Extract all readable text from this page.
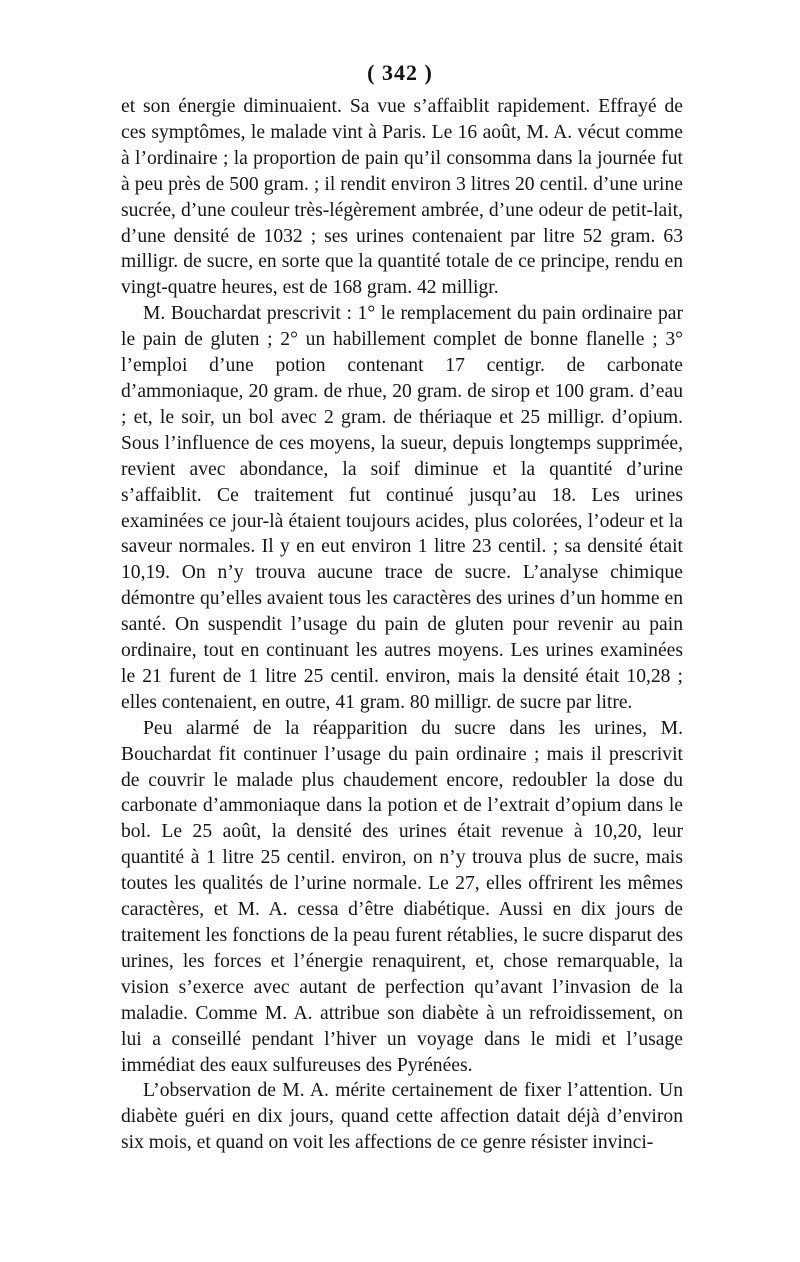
( 342 )

et son énergie diminuaient. Sa vue s’affaiblit rapidement. Effrayé de ces symptômes, le malade vint à Paris. Le 16 août, M. A. vécut comme à l’ordinaire ; la proportion de pain qu’il consomma dans la journée fut à peu près de 500 gram. ; il rendit environ 3 litres 20 centil. d’une urine sucrée, d’une couleur très-légèrement ambrée, d’une odeur de petit-lait, d’une densité de 1032 ; ses urines contenaient par litre 52 gram. 63 milligr. de sucre, en sorte que la quantité totale de ce principe, rendu en vingt-quatre heures, est de 168 gram. 42 milligr.

M. Bouchardat prescrivit : 1° le remplacement du pain ordinaire par le pain de gluten ; 2° un habillement complet de bonne flanelle ; 3° l’emploi d’une potion contenant 17 centigr. de carbonate d’ammoniaque, 20 gram. de rhue, 20 gram. de sirop et 100 gram. d’eau ; et, le soir, un bol avec 2 gram. de thériaque et 25 milligr. d’opium. Sous l’influence de ces moyens, la sueur, depuis longtemps supprimée, revient avec abondance, la soif diminue et la quantité d’urine s’affaiblit. Ce traitement fut continué jusqu’au 18. Les urines examinées ce jour-là étaient toujours acides, plus colorées, l’odeur et la saveur normales. Il y en eut environ 1 litre 23 centil. ; sa densité était 10,19. On n’y trouva aucune trace de sucre. L’analyse chimique démontre qu’elles avaient tous les caractères des urines d’un homme en santé. On suspendit l’usage du pain de gluten pour revenir au pain ordinaire, tout en continuant les autres moyens. Les urines examinées le 21 furent de 1 litre 25 centil. environ, mais la densité était 10,28 ; elles contenaient, en outre, 41 gram. 80 milligr. de sucre par litre.

Peu alarmé de la réapparition du sucre dans les urines, M. Bouchardat fit continuer l’usage du pain ordinaire ; mais il prescrivit de couvrir le malade plus chaudement encore, redoubler la dose du carbonate d’ammoniaque dans la potion et de l’extrait d’opium dans le bol. Le 25 août, la densité des urines était revenue à 10,20, leur quantité à 1 litre 25 centil. environ, on n’y trouva plus de sucre, mais toutes les qualités de l’urine normale. Le 27, elles offrirent les mêmes caractères, et M. A. cessa d’être diabétique. Aussi en dix jours de traitement les fonctions de la peau furent rétablies, le sucre disparut des urines, les forces et l’énergie renaquirent, et, chose remarquable, la vision s’exerce avec autant de perfection qu’avant l’invasion de la maladie. Comme M. A. attribue son diabète à un refroidissement, on lui a conseillé pendant l’hiver un voyage dans le midi et l’usage immédiat des eaux sulfureuses des Pyrénées.

L’observation de M. A. mérite certainement de fixer l’attention. Un diabète guéri en dix jours, quand cette affection datait déjà d’environ six mois, et quand on voit les affections de ce genre résister invinci-
